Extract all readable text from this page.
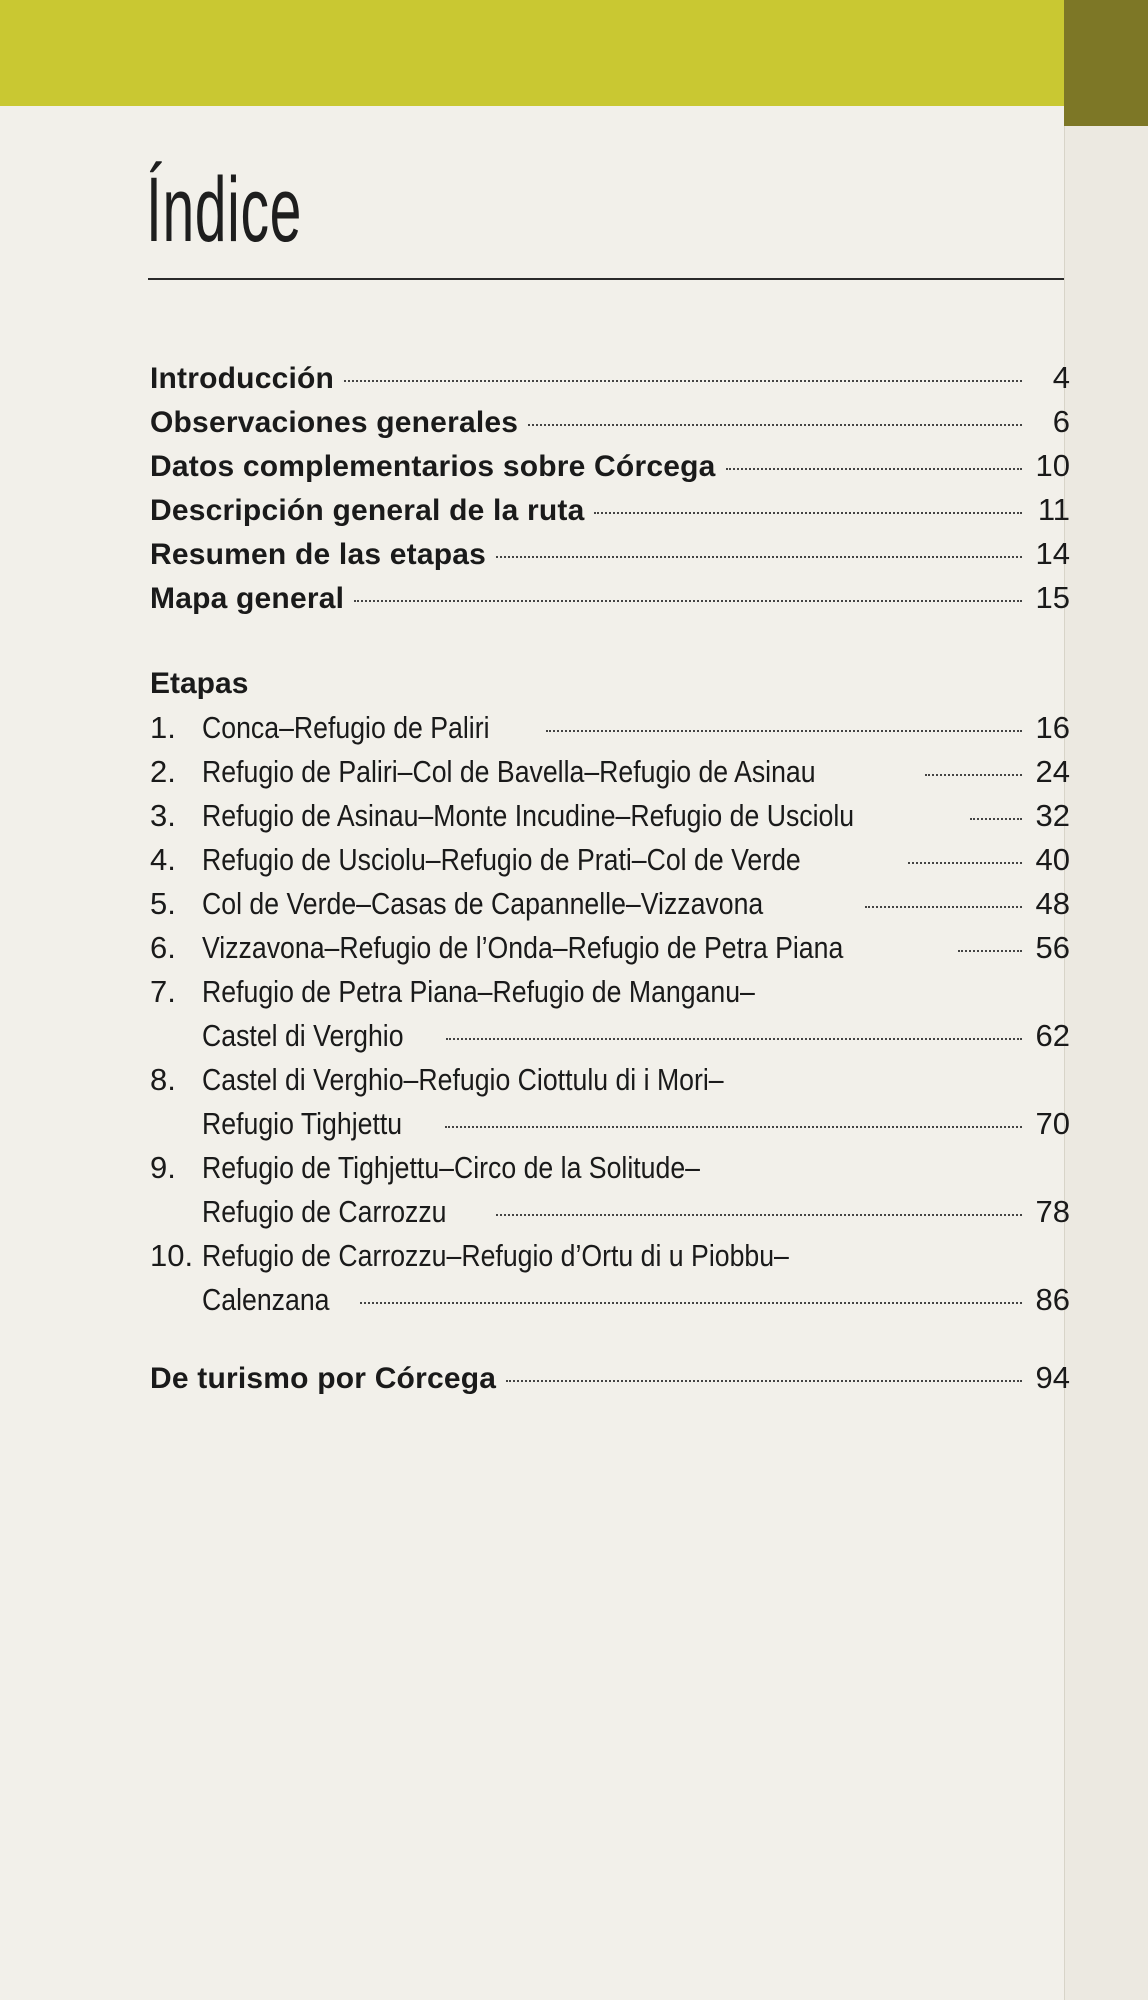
Índice
Introducción	4
Observaciones generales	6
Datos complementarios sobre Córcega	10
Descripción general de la ruta	11
Resumen de las etapas	14
Mapa general	15
Etapas
1. Conca–Refugio de Paliri	16
2. Refugio de Paliri–Col de Bavella–Refugio de Asinau	24
3. Refugio de Asinau–Monte Incudine–Refugio de Usciolu	32
4. Refugio de Usciolu–Refugio de Prati–Col de Verde	40
5. Col de Verde–Casas de Capannelle–Vizzavona	48
6. Vizzavona–Refugio de l’Onda–Refugio de Petra Piana	56
7. Refugio de Petra Piana–Refugio de Manganu–
Castel di Verghio	62
8. Castel di Verghio–Refugio Ciottulu di i Mori–
Refugio Tighjettu	70
9. Refugio de Tighjettu–Circo de la Solitude–
Refugio de Carrozzu	78
10. Refugio de Carrozzu–Refugio d’Ortu di u Piobbu–
Calenzana	86
De turismo por Córcega	94
